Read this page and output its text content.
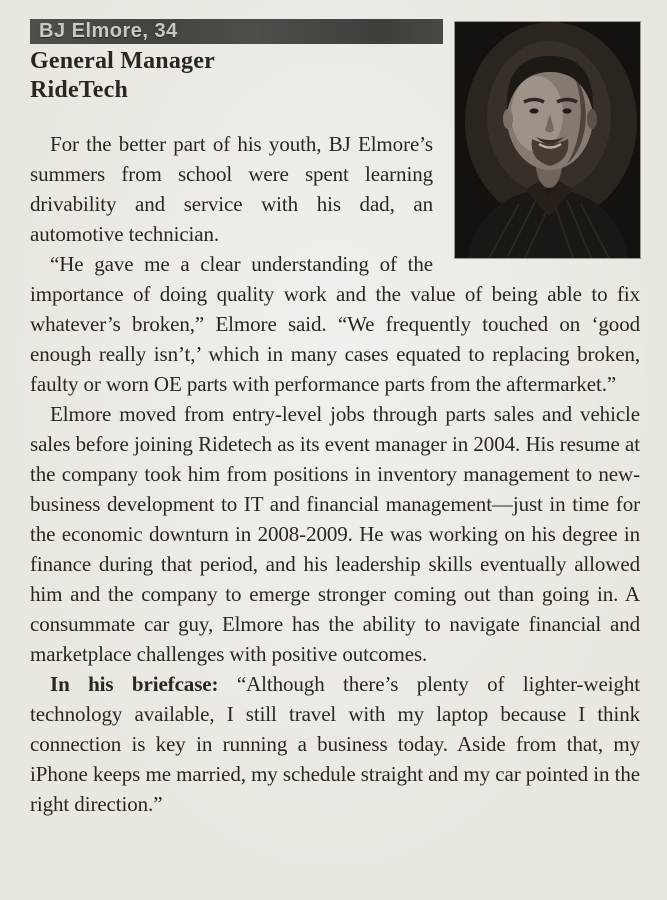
BJ Elmore, 34
General Manager
RideTech

For the better part of his youth, BJ Elmore’s summers from school were spent learning drivability and service with his dad, an automotive technician.

“He gave me a clear understanding of the importance of doing quality work and the value of being able to fix whatever’s broken,” Elmore said. “We frequently touched on ‘good enough really isn’t,’ which in many cases equated to replacing broken, faulty or worn OE parts with performance parts from the aftermarket.”

Elmore moved from entry-level jobs through parts sales and vehicle sales before joining Ridetech as its event manager in 2004. His resume at the company took him from positions in inventory management to new-business development to IT and financial management—just in time for the economic downturn in 2008-2009. He was working on his degree in finance during that period, and his leadership skills eventually allowed him and the company to emerge stronger coming out than going in. A consummate car guy, Elmore has the ability to navigate financial and marketplace challenges with positive outcomes.

In his briefcase: “Although there’s plenty of lighter-weight technology available, I still travel with my laptop because I think connection is key in running a business today. Aside from that, my iPhone keeps me married, my schedule straight and my car pointed in the right direction.”
